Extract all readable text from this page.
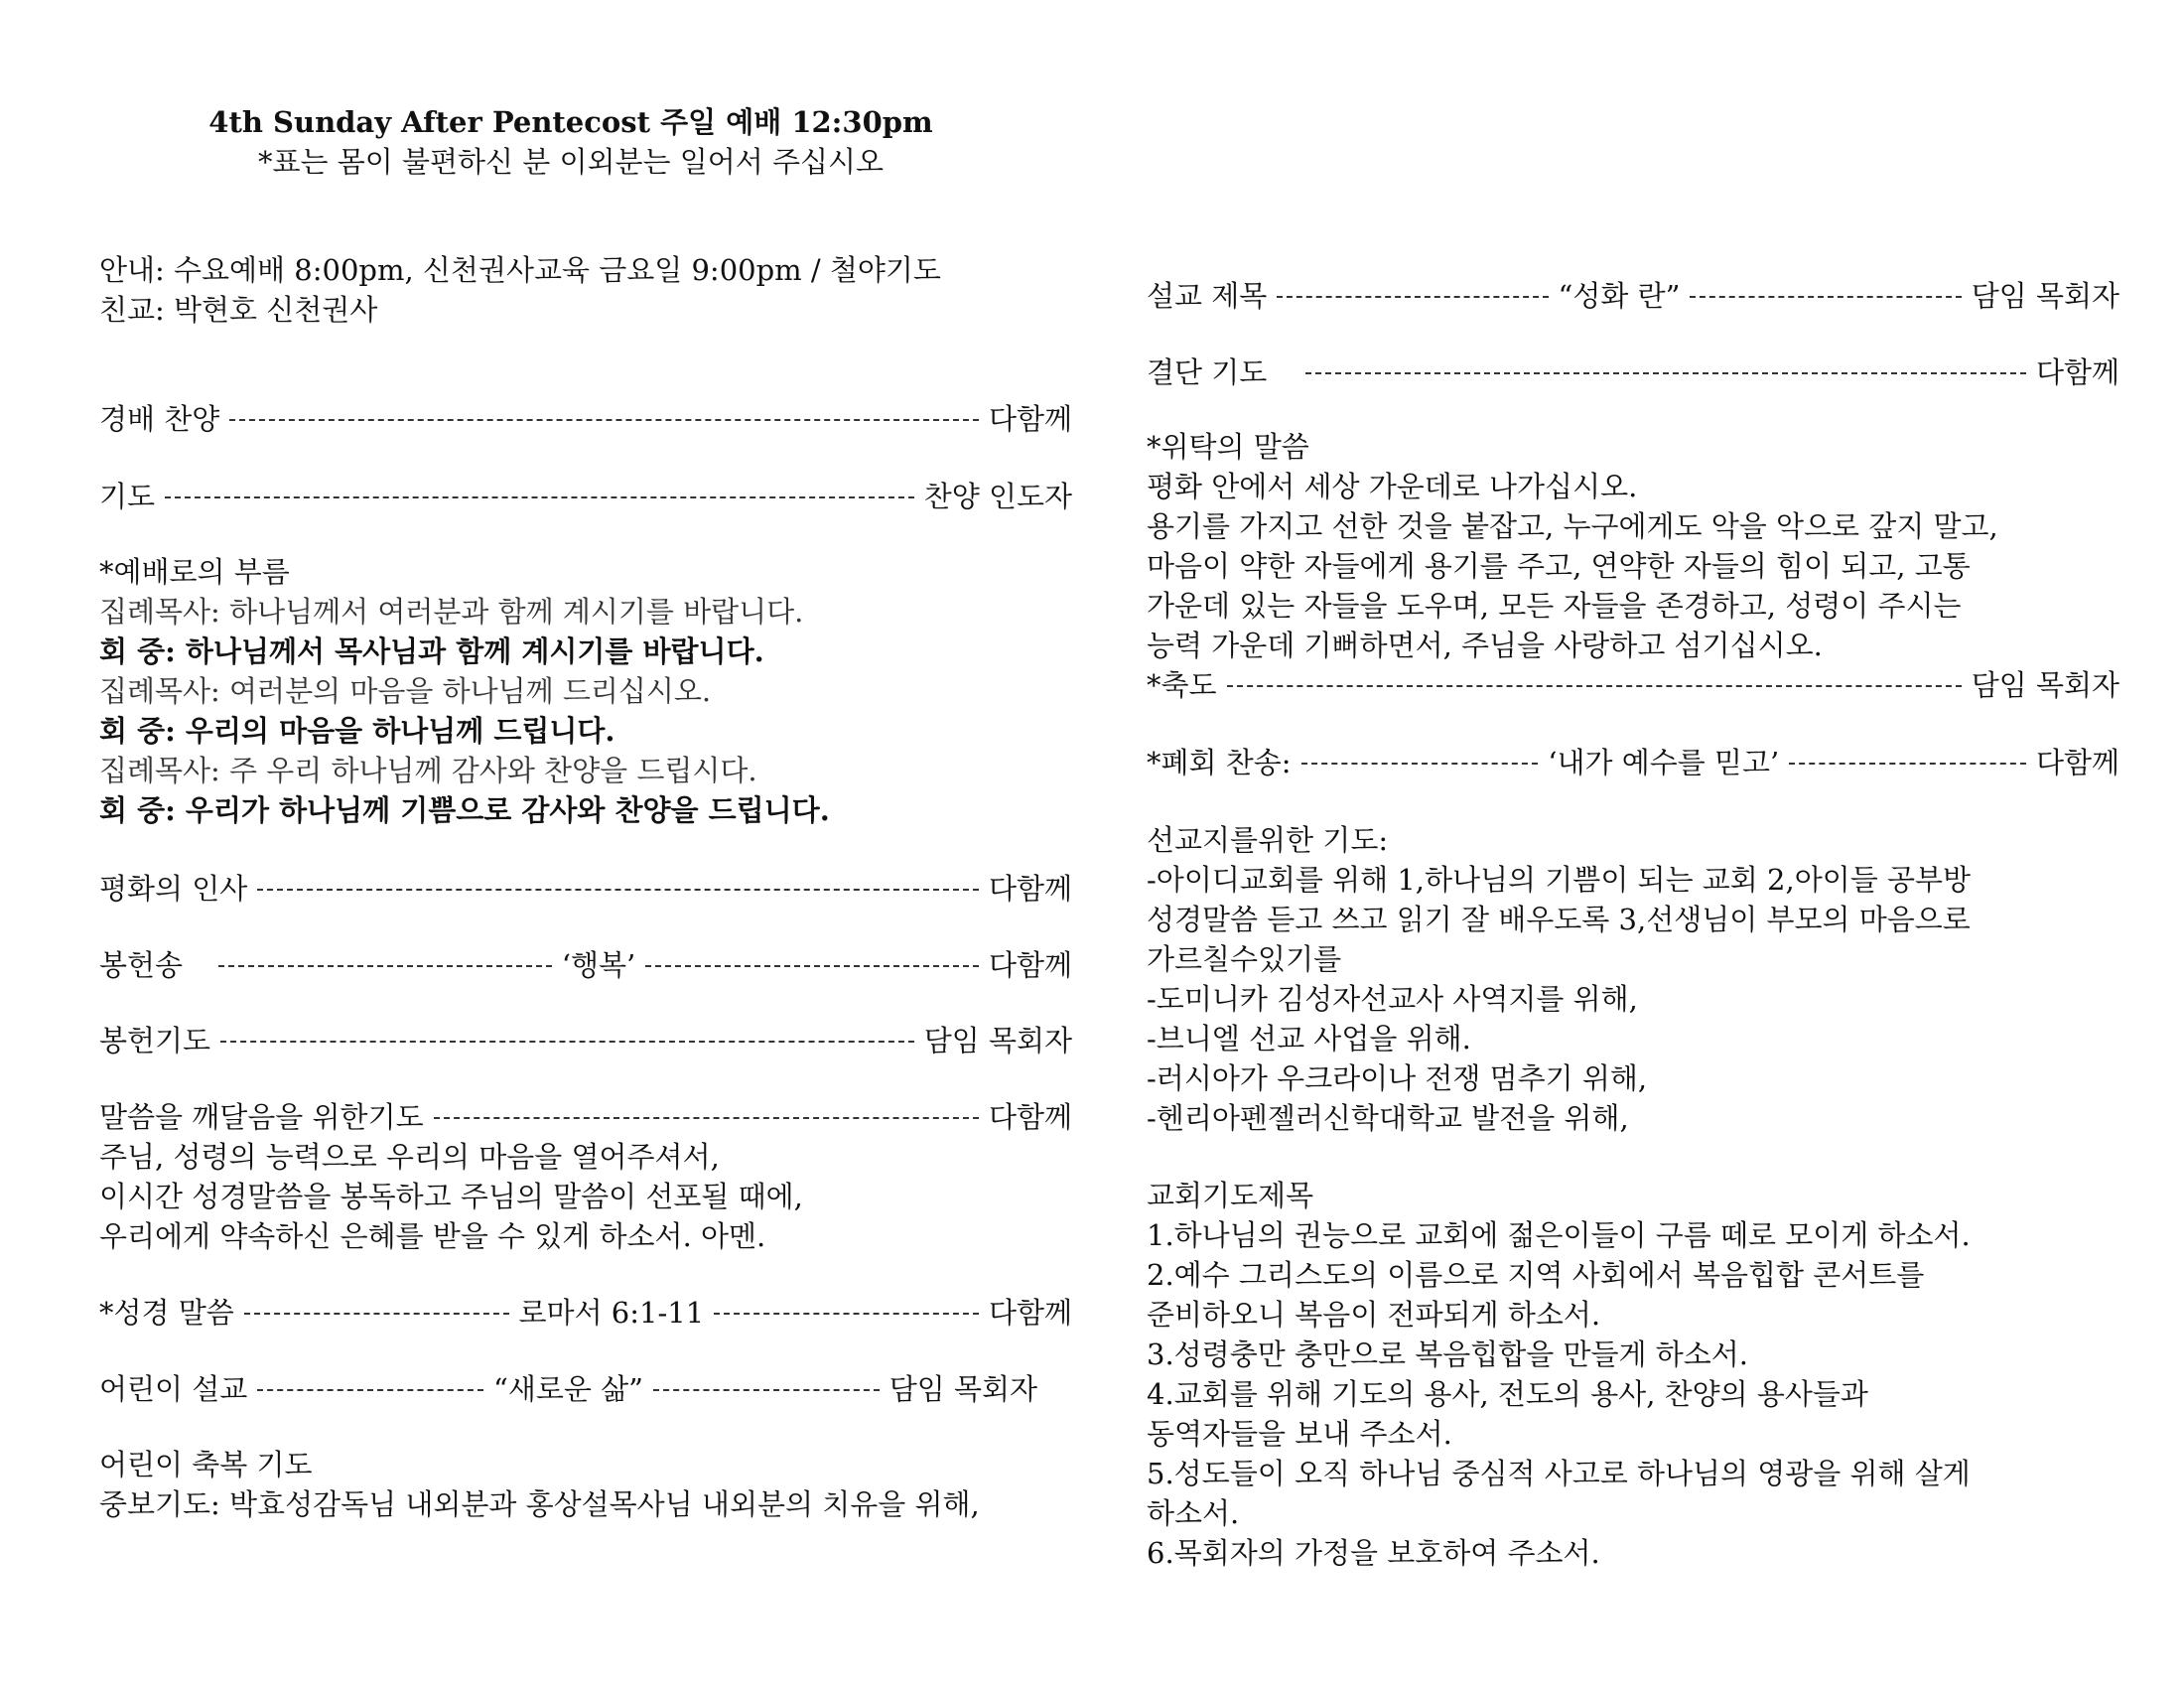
4th Sunday After Pentecost 주일 예배 12:30pm
*표는 몸이 불편하신 분 이외분는 일어서 주십시오
안내: 수요예배 8:00pm, 신천권사교육 금요일 9:00pm / 철야기도
친교: 박현호 신천권사
경배 찬양	다함께
기도	찬양 인도자
*예배로의 부름
집례목사: 하나님께서 여러분과 함께 계시기를 바랍니다.
회 중: 하나님께서 목사님과 함께 계시기를 바랍니다.
집례목사: 여러분의 마음을 하나님께 드리십시오.
회 중: 우리의 마음을 하나님께 드립니다.
집례목사: 주 우리 하나님께 감사와 찬양을 드립시다.
회 중: 우리가 하나님께 기쁨으로 감사와 찬양을 드립니다.
평화의 인사	다함께
봉헌송	‘행복’	다함께
봉헌기도	담임 목회자
말씀을 깨달음을 위한기도	다함께
주님, 성령의 능력으로 우리의 마음을 열어주셔서,
이시간 성경말씀을 봉독하고 주님의 말씀이 선포될 때에,
우리에게 약속하신 은혜를 받을 수 있게 하소서. 아멘.
*성경 말씀	로마서 6:1-11	다함께
어린이 설교	“새로운 삶”	담임 목회자
어린이 축복 기도
중보기도: 박효성감독님 내외분과 홍상설목사님 내외분의 치유을 위해,
설교 제목	“성화 란”	담임 목회자
결단 기도	다함께
*위탁의 말씀
평화 안에서 세상 가운데로 나가십시오.
용기를 가지고 선한 것을 붙잡고, 누구에게도 악을 악으로 갚지 말고,
마음이 약한 자들에게 용기를 주고, 연약한 자들의 힘이 되고, 고통
가운데 있는 자들을 도우며, 모든 자들을 존경하고, 성령이 주시는
능력 가운데 기뻐하면서, 주님을 사랑하고 섬기십시오.
*축도	담임 목회자
*폐회 찬송:	‘내가 예수를 믿고’	다함께
선교지를위한 기도:
-아이디교회를 위해 1,하나님의 기쁨이 되는 교회 2,아이들 공부방
성경말씀 듣고 쓰고 읽기 잘 배우도록 3,선생님이 부모의 마음으로
가르칠수있기를
-도미니카 김성자선교사 사역지를 위해,
-브니엘 선교 사업을 위해.
-러시아가 우크라이나 전쟁 멈추기 위해,
-헨리아펜젤러신학대학교 발전을 위해,
교회기도제목
1.하나님의 권능으로 교회에 젊은이들이 구름 떼로 모이게 하소서.
2.예수 그리스도의 이름으로 지역 사회에서 복음힙합 콘서트를
준비하오니 복음이 전파되게 하소서.
3.성령충만 충만으로 복음힙합을 만들게 하소서.
4.교회를 위해 기도의 용사, 전도의 용사, 찬양의 용사들과
동역자들을 보내 주소서.
5.성도들이 오직 하나님 중심적 사고로 하나님의 영광을 위해 살게
하소서.
6.목회자의 가정을 보호하여 주소서.
